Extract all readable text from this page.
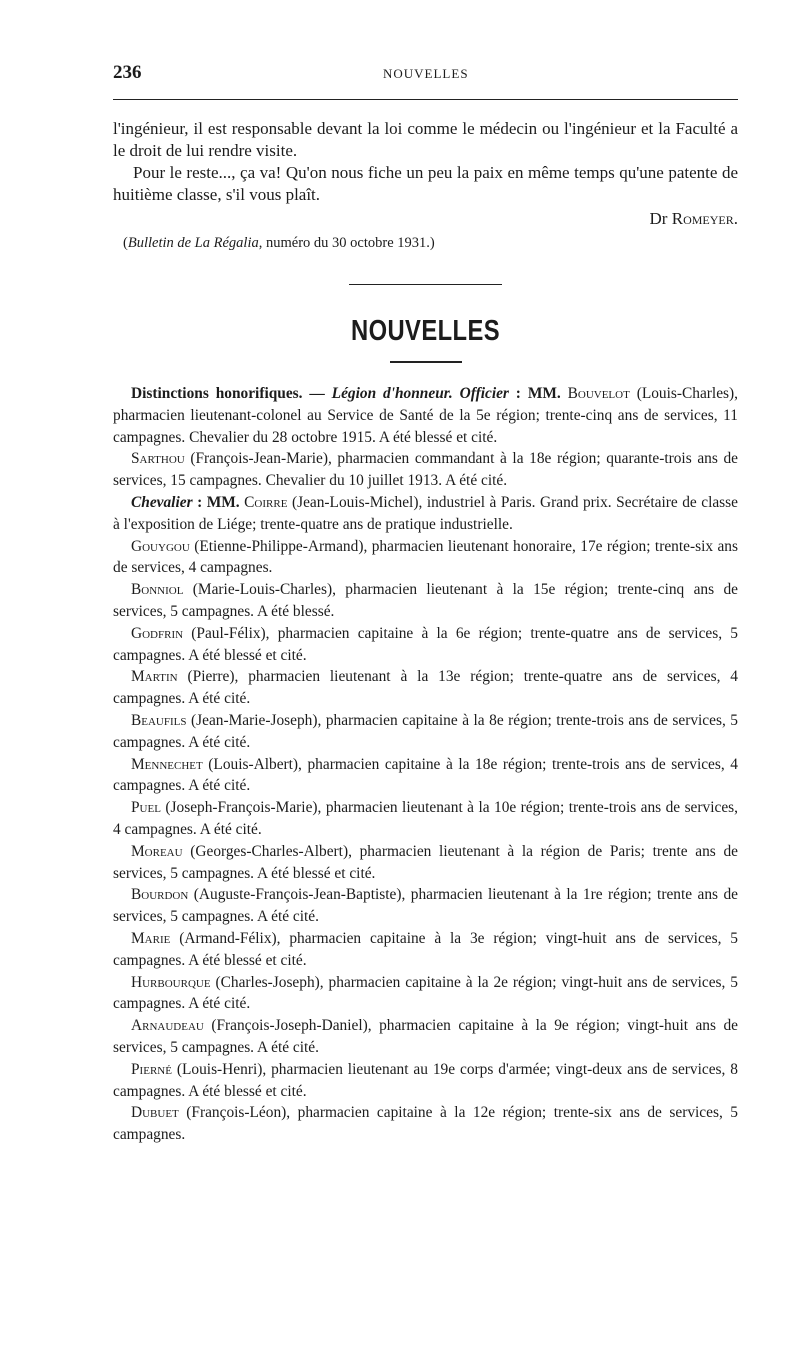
236	NOUVELLES

l'ingénieur, il est responsable devant la loi comme le médecin ou l'ingénieur et la Faculté a le droit de lui rendre visite.

Pour le reste..., ça va! Qu'on nous fiche un peu la paix en même temps qu'une patente de huitième classe, s'il vous plaît.

Dr Romeyer.

(Bulletin de La Régalia, numéro du 30 octobre 1931.)

NOUVELLES

Distinctions honorifiques. — Légion d'honneur. Officier : MM. Bouvelot (Louis-Charles), pharmacien lieutenant-colonel au Service de Santé de la 5e région; trente-cinq ans de services, 11 campagnes. Chevalier du 28 octobre 1915. A été blessé et cité.

Sarthou (François-Jean-Marie), pharmacien commandant à la 18e région; quarante-trois ans de services, 15 campagnes. Chevalier du 10 juillet 1913. A été cité.

Chevalier : MM. Coirre (Jean-Louis-Michel), industriel à Paris. Grand prix. Secrétaire de classe à l'exposition de Liége; trente-quatre ans de pratique industrielle.

Gouygou (Etienne-Philippe-Armand), pharmacien lieutenant honoraire, 17e région; trente-six ans de services, 4 campagnes.

Bonniol (Marie-Louis-Charles), pharmacien lieutenant à la 15e région; trente-cinq ans de services, 5 campagnes. A été blessé.

Godfrin (Paul-Félix), pharmacien capitaine à la 6e région; trente-quatre ans de services, 5 campagnes. A été blessé et cité.

Martin (Pierre), pharmacien lieutenant à la 13e région; trente-quatre ans de services, 4 campagnes. A été cité.

Beaufils (Jean-Marie-Joseph), pharmacien capitaine à la 8e région; trente-trois ans de services, 5 campagnes. A été cité.

Mennechet (Louis-Albert), pharmacien capitaine à la 18e région; trente-trois ans de services, 4 campagnes. A été cité.

Puel (Joseph-François-Marie), pharmacien lieutenant à la 10e région; trente-trois ans de services, 4 campagnes. A été cité.

Moreau (Georges-Charles-Albert), pharmacien lieutenant à la région de Paris; trente ans de services, 5 campagnes. A été blessé et cité.

Bourdon (Auguste-François-Jean-Baptiste), pharmacien lieutenant à la 1re région; trente ans de services, 5 campagnes. A été cité.

Marie (Armand-Félix), pharmacien capitaine à la 3e région; vingt-huit ans de services, 5 campagnes. A été blessé et cité.

Hurbourque (Charles-Joseph), pharmacien capitaine à la 2e région; vingt-huit ans de services, 5 campagnes. A été cité.

Arnaudeau (François-Joseph-Daniel), pharmacien capitaine à la 9e région; vingt-huit ans de services, 5 campagnes. A été cité.

Pierné (Louis-Henri), pharmacien lieutenant au 19e corps d'armée; vingt-deux ans de services, 8 campagnes. A été blessé et cité.

Dubuet (François-Léon), pharmacien capitaine à la 12e région; trente-six ans de services, 5 campagnes.
